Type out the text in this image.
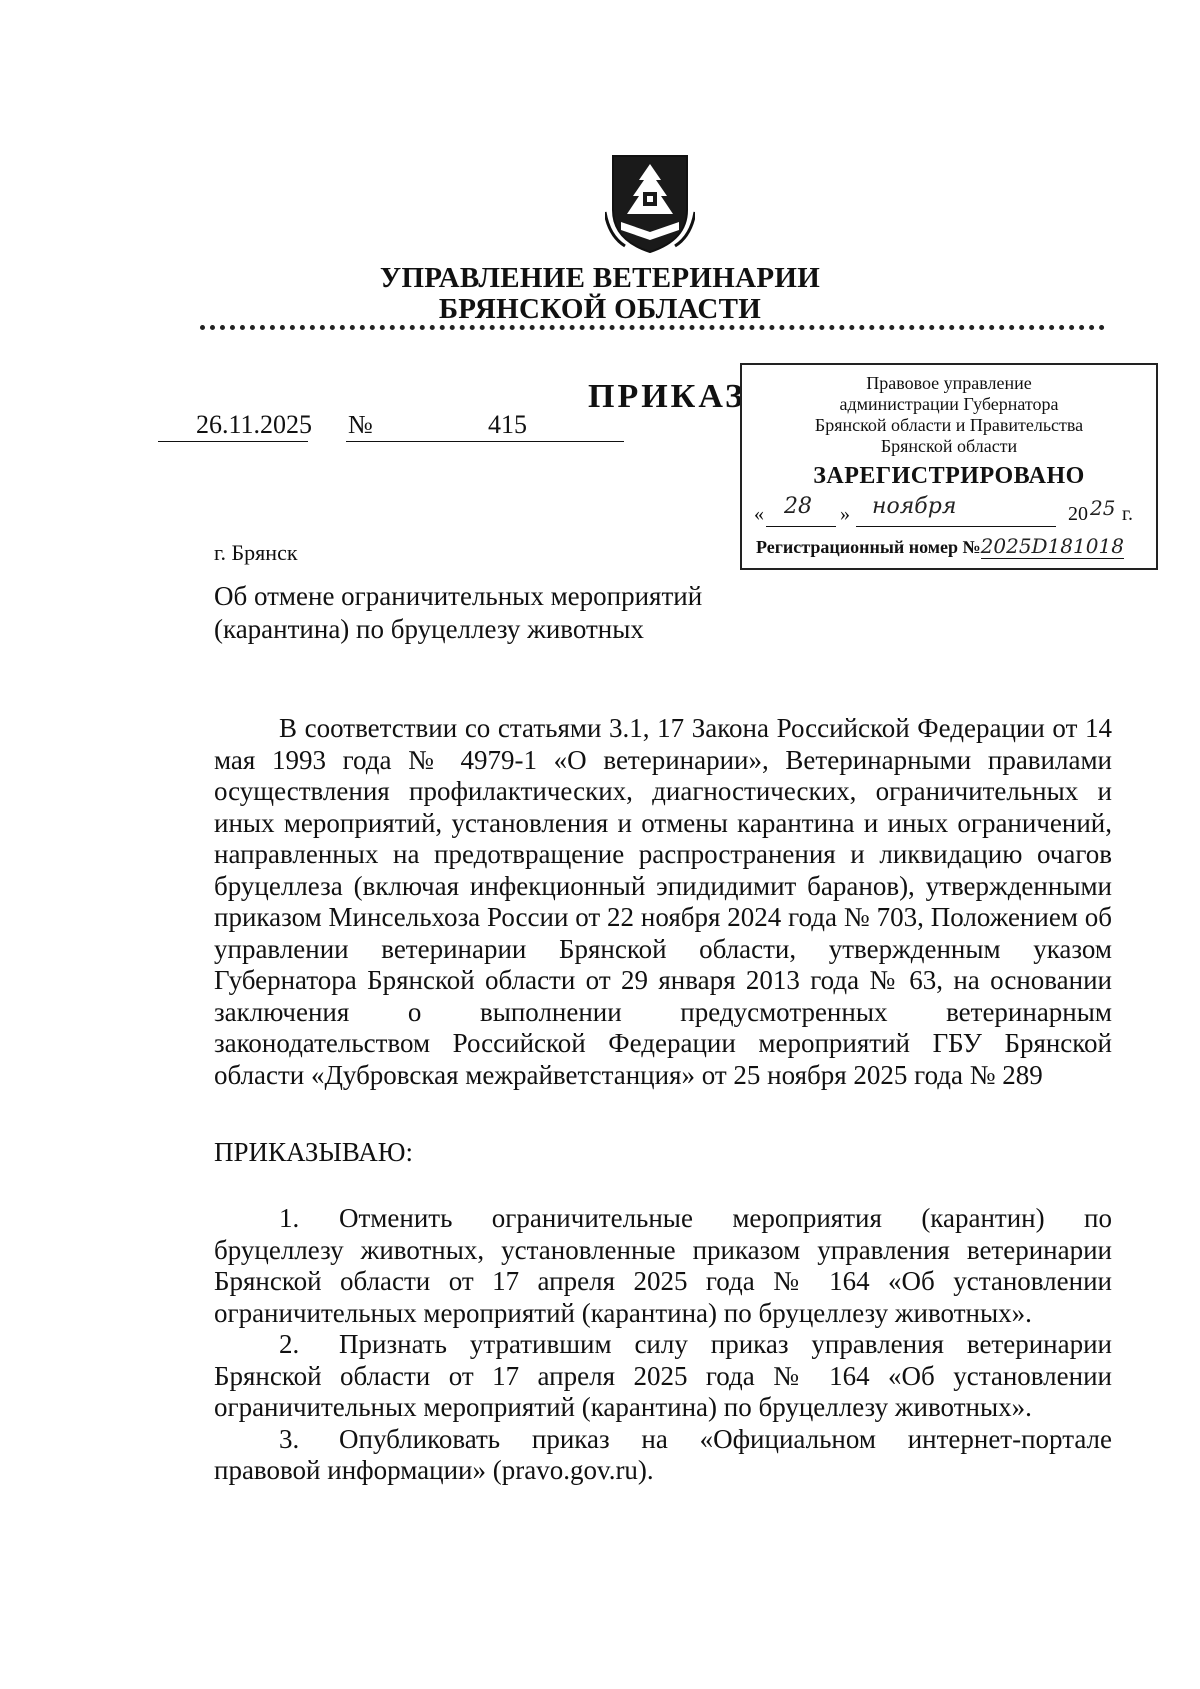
УПРАВЛЕНИЕ ВЕТЕРИНАРИИ
БРЯНСКОЙ ОБЛАСТИ
ПРИКАЗ
26.11.2025 №	415
Правовое управление
администрации Губернатора
Брянской области и Правительства
Брянской области
ЗАРЕГИСТРИРОВАНО
« 28 » ноября	20 25 г.
Регистрационный номер №2025D181018
г. Брянск
Об отмене ограничительных мероприятий
(карантина) по бруцеллезу животных
В соответствии со статьями 3.1, 17 Закона Российской Федерации от 14 мая 1993 года № 4979-1 «О ветеринарии», Ветеринарными правилами осуществления профилактических, диагностических, ограничительных и иных мероприятий, установления и отмены карантина и иных ограничений, направленных на предотвращение распространения и ликвидацию очагов бруцеллеза (включая инфекционный эпидидимит баранов), утвержденными приказом Минсельхоза России от 22 ноября 2024 года № 703, Положением об управлении ветеринарии Брянской области, утвержденным указом Губернатора Брянской области от 29 января 2013 года № 63, на основании заключения о выполнении предусмотренных ветеринарным законодательством Российской Федерации мероприятий ГБУ Брянской области «Дубровская межрайветстанция» от 25 ноября 2025 года № 289
ПРИКАЗЫВАЮ:

1. Отменить ограничительные мероприятия (карантин) по бруцеллезу животных, установленные приказом управления ветеринарии Брянской области от 17 апреля 2025 года № 164 «Об установлении ограничительных мероприятий (карантина) по бруцеллезу животных».

2. Признать утратившим силу приказ управления ветеринарии Брянской области от 17 апреля 2025 года № 164 «Об установлении ограничительных мероприятий (карантина) по бруцеллезу животных».

3. Опубликовать приказ на «Официальном интернет-портале правовой информации» (pravo.gov.ru).
